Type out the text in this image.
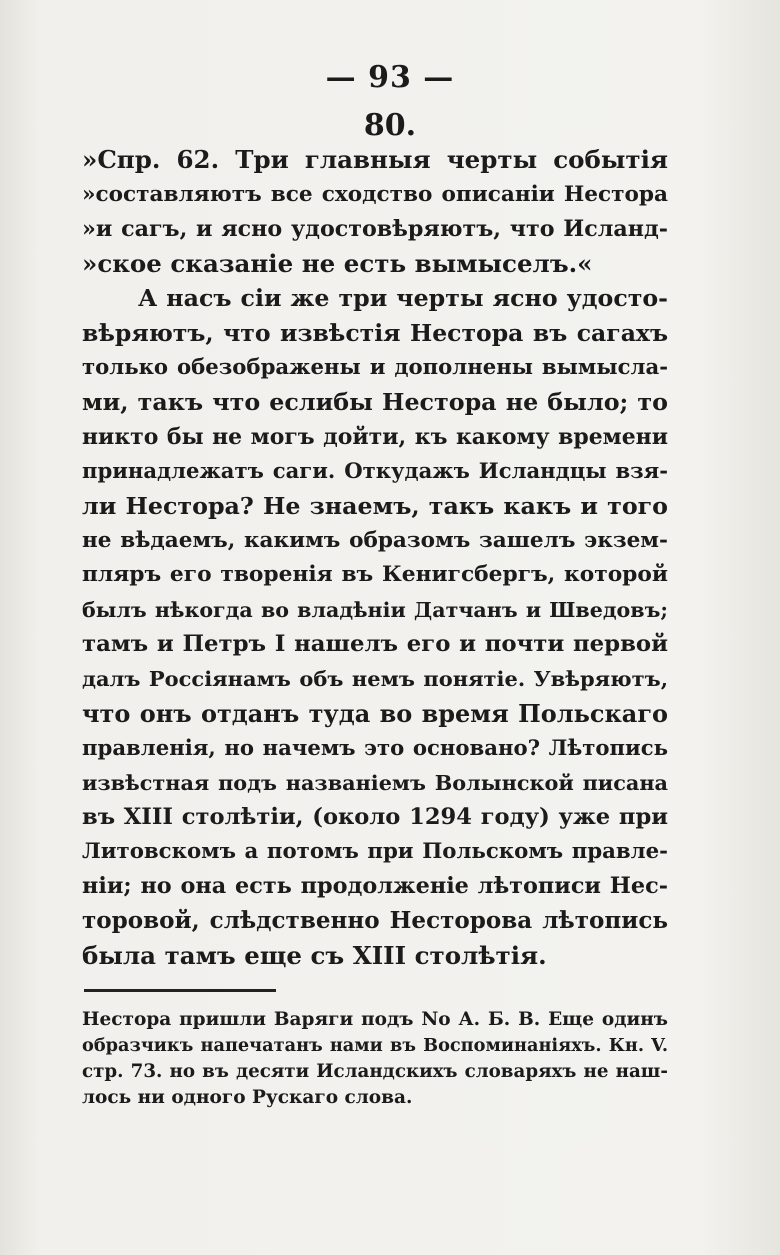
— 93 —
80.
»Спр. 62. Три главныя черты событія
»составляютъ все сходство описаніи Нестора
»и сагъ, и ясно удостовѣряютъ, что Исланд-
»ское сказаніе не есть вымыселъ.«
А насъ сіи же три черты ясно удосто-
вѣряютъ, что извѣстія Нестора въ сагахъ
только обезображены и дополнены вымысла-
ми, такъ что еслибы Нестора не было; то
никто бы не могъ дойти, къ какому времени
принадлежатъ саги. Откудажъ Исландцы взя-
ли Нестора? Не знаемъ, такъ какъ и того
не вѣдаемъ, какимъ образомъ зашелъ экзем-
пляръ его творенія въ Кенигсбергъ, которой
былъ нѣкогда во владѣніи Датчанъ и Шведовъ;
тамъ и Петръ I нашелъ его и почти первой
далъ Россіянамъ объ немъ понятіе. Увѣряютъ,
что онъ отданъ туда во время Польскаго
правленія, но начемъ это основано? Лѣтопись
извѣстная подъ названіемъ Волынской писана
въ XIII столѣтіи, (около 1294 году) уже при
Литовскомъ а потомъ при Польскомъ правле-
ніи; но она есть продолженіе лѣтописи Нес-
торовой, слѣдственно Несторова лѣтопись
была тамъ еще съ XIII столѣтія.
Нестора пришли Варяги подъ No А. Б. В. Еще одинъ
образчикъ напечатанъ нами въ Воспоминаніяхъ. Кн. V.
стр. 73. но въ десяти Исландскихъ словаряхъ не наш-
лось ни одного Рускаго слова.
